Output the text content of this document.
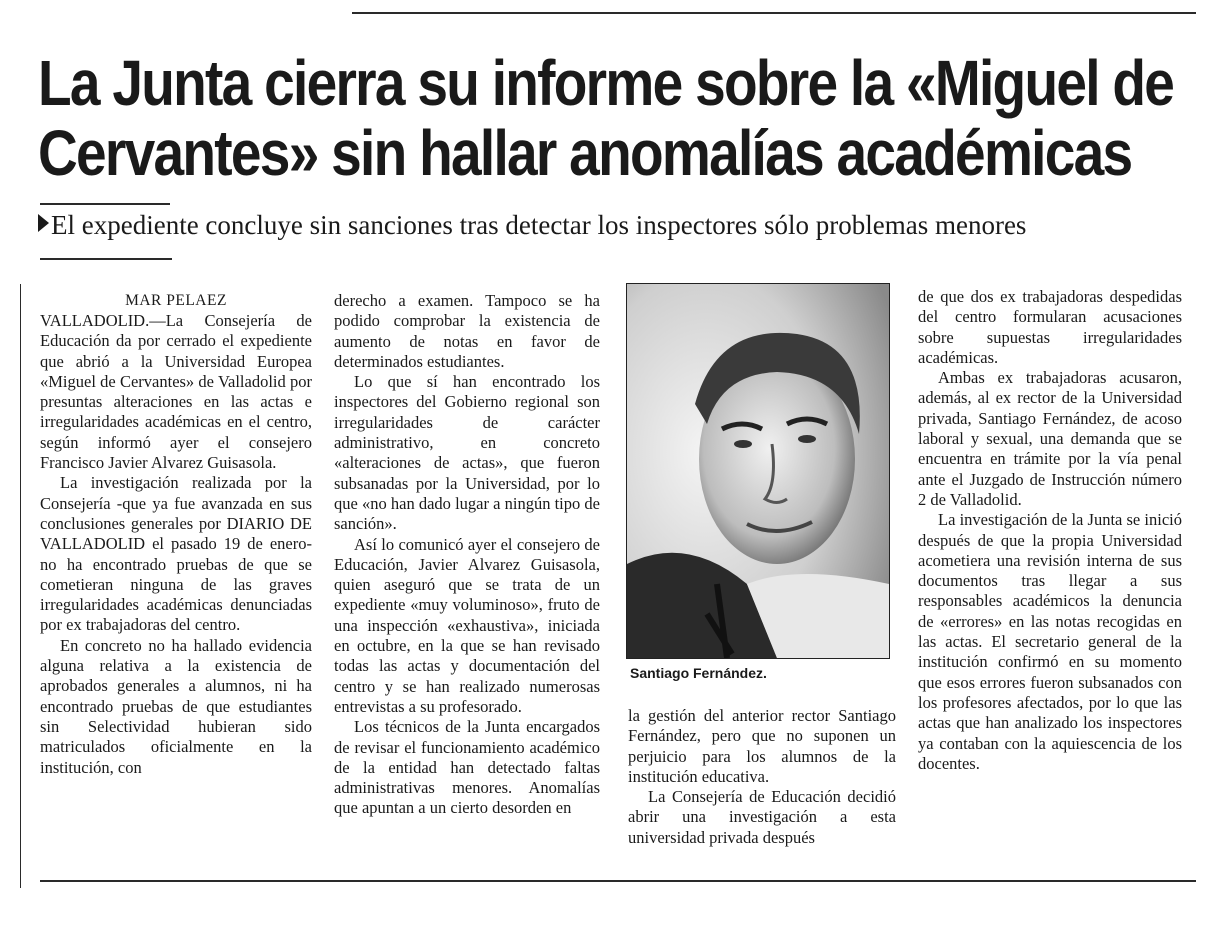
La Junta cierra su informe sobre la «Miguel de
Cervantes» sin hallar anomalías académicas

El expediente concluye sin sanciones tras detectar los inspectores sólo problemas menores

MAR PELAEZ

VALLADOLID.—La Consejería de Educación da por cerrado el expediente que abrió a la Universidad Europea «Miguel de Cervantes» de Valladolid por presuntas alteraciones en las actas e irregularidades académicas en el centro, según informó ayer el consejero Francisco Javier Alvarez Guisasola.

La investigación realizada por la Consejería -que ya fue avanzada en sus conclusiones generales por DIARIO DE VALLADOLID el pasado 19 de enero- no ha encontrado pruebas de que se cometieran ninguna de las graves irregularidades académicas denunciadas por ex trabajadoras del centro.

En concreto no ha hallado evidencia alguna relativa a la existencia de aprobados generales a alumnos, ni ha encontrado pruebas de que estudiantes sin Selectividad hubieran sido matriculados oficialmente en la institución, con

derecho a examen. Tampoco se ha podido comprobar la existencia de aumento de notas en favor de determinados estudiantes.

Lo que sí han encontrado los inspectores del Gobierno regional son irregularidades de carácter administrativo, en concreto «alteraciones de actas», que fueron subsanadas por la Universidad, por lo que «no han dado lugar a ningún tipo de sanción».

Así lo comunicó ayer el consejero de Educación, Javier Alvarez Guisasola, quien aseguró que se trata de un expediente «muy voluminoso», fruto de una inspección «exhaustiva», iniciada en octubre, en la que se han revisado todas las actas y documentación del centro y se han realizado numerosas entrevistas a su profesorado.

Los técnicos de la Junta encargados de revisar el funcionamiento académico de la entidad han detectado faltas administrativas menores. Anomalías que apuntan a un cierto desorden en

Santiago Fernández.

la gestión del anterior rector Santiago Fernández, pero que no suponen un perjuicio para los alumnos de la institución educativa.

La Consejería de Educación decidió abrir una investigación a esta universidad privada después

de que dos ex trabajadoras despedidas del centro formularan acusaciones sobre supuestas irregularidades académicas.

Ambas ex trabajadoras acusaron, además, al ex rector de la Universidad privada, Santiago Fernández, de acoso laboral y sexual, una demanda que se encuentra en trámite por la vía penal ante el Juzgado de Instrucción número 2 de Valladolid.

La investigación de la Junta se inició después de que la propia Universidad acometiera una revisión interna de sus documentos tras llegar a sus responsables académicos la denuncia de «errores» en las notas recogidas en las actas. El secretario general de la institución confirmó en su momento que esos errores fueron subsanados con los profesores afectados, por lo que las actas que han analizado los inspectores ya contaban con la aquiescencia de los docentes.
